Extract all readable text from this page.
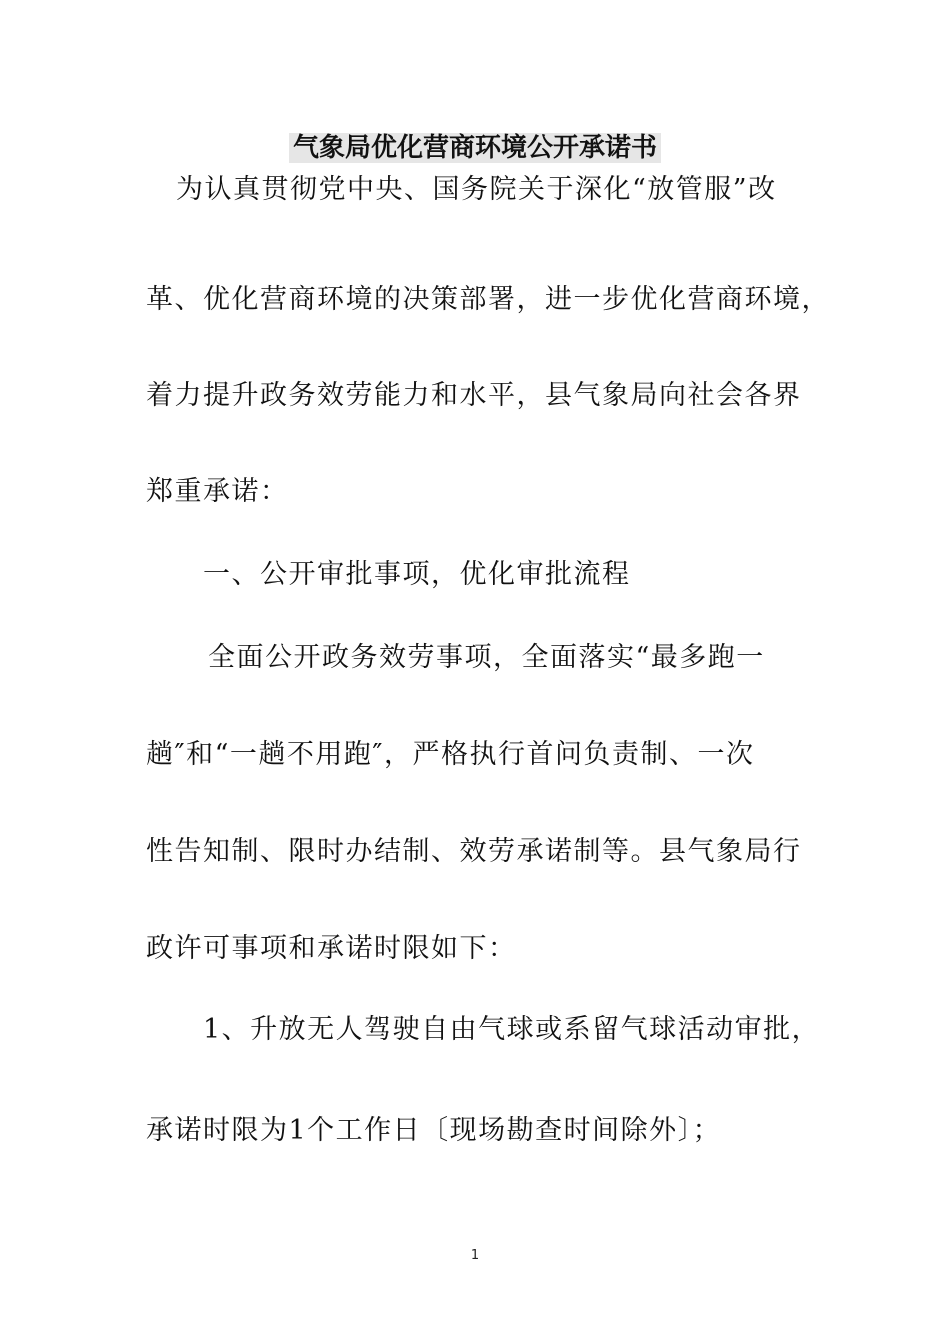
气象局优化营商环境公开承诺书
为认真贯彻党中央、国务院关于深化“放管服”改
革、优化营商环境的决策部署，进一步优化营商环境，
着力提升政务效劳能力和水平，县气象局向社会各界
郑重承诺：
一、公开审批事项，优化审批流程
全面公开政务效劳事项，全面落实“最多跑一
趟″和“一趟不用跑″，严格执行首问负责制、一次
性告知制、限时办结制、效劳承诺制等。县气象局行
政许可事项和承诺时限如下：
1、升放无人驾驶自由气球或系留气球活动审批，
承诺时限为1个工作日〔现场勘查时间除外〕；
1
